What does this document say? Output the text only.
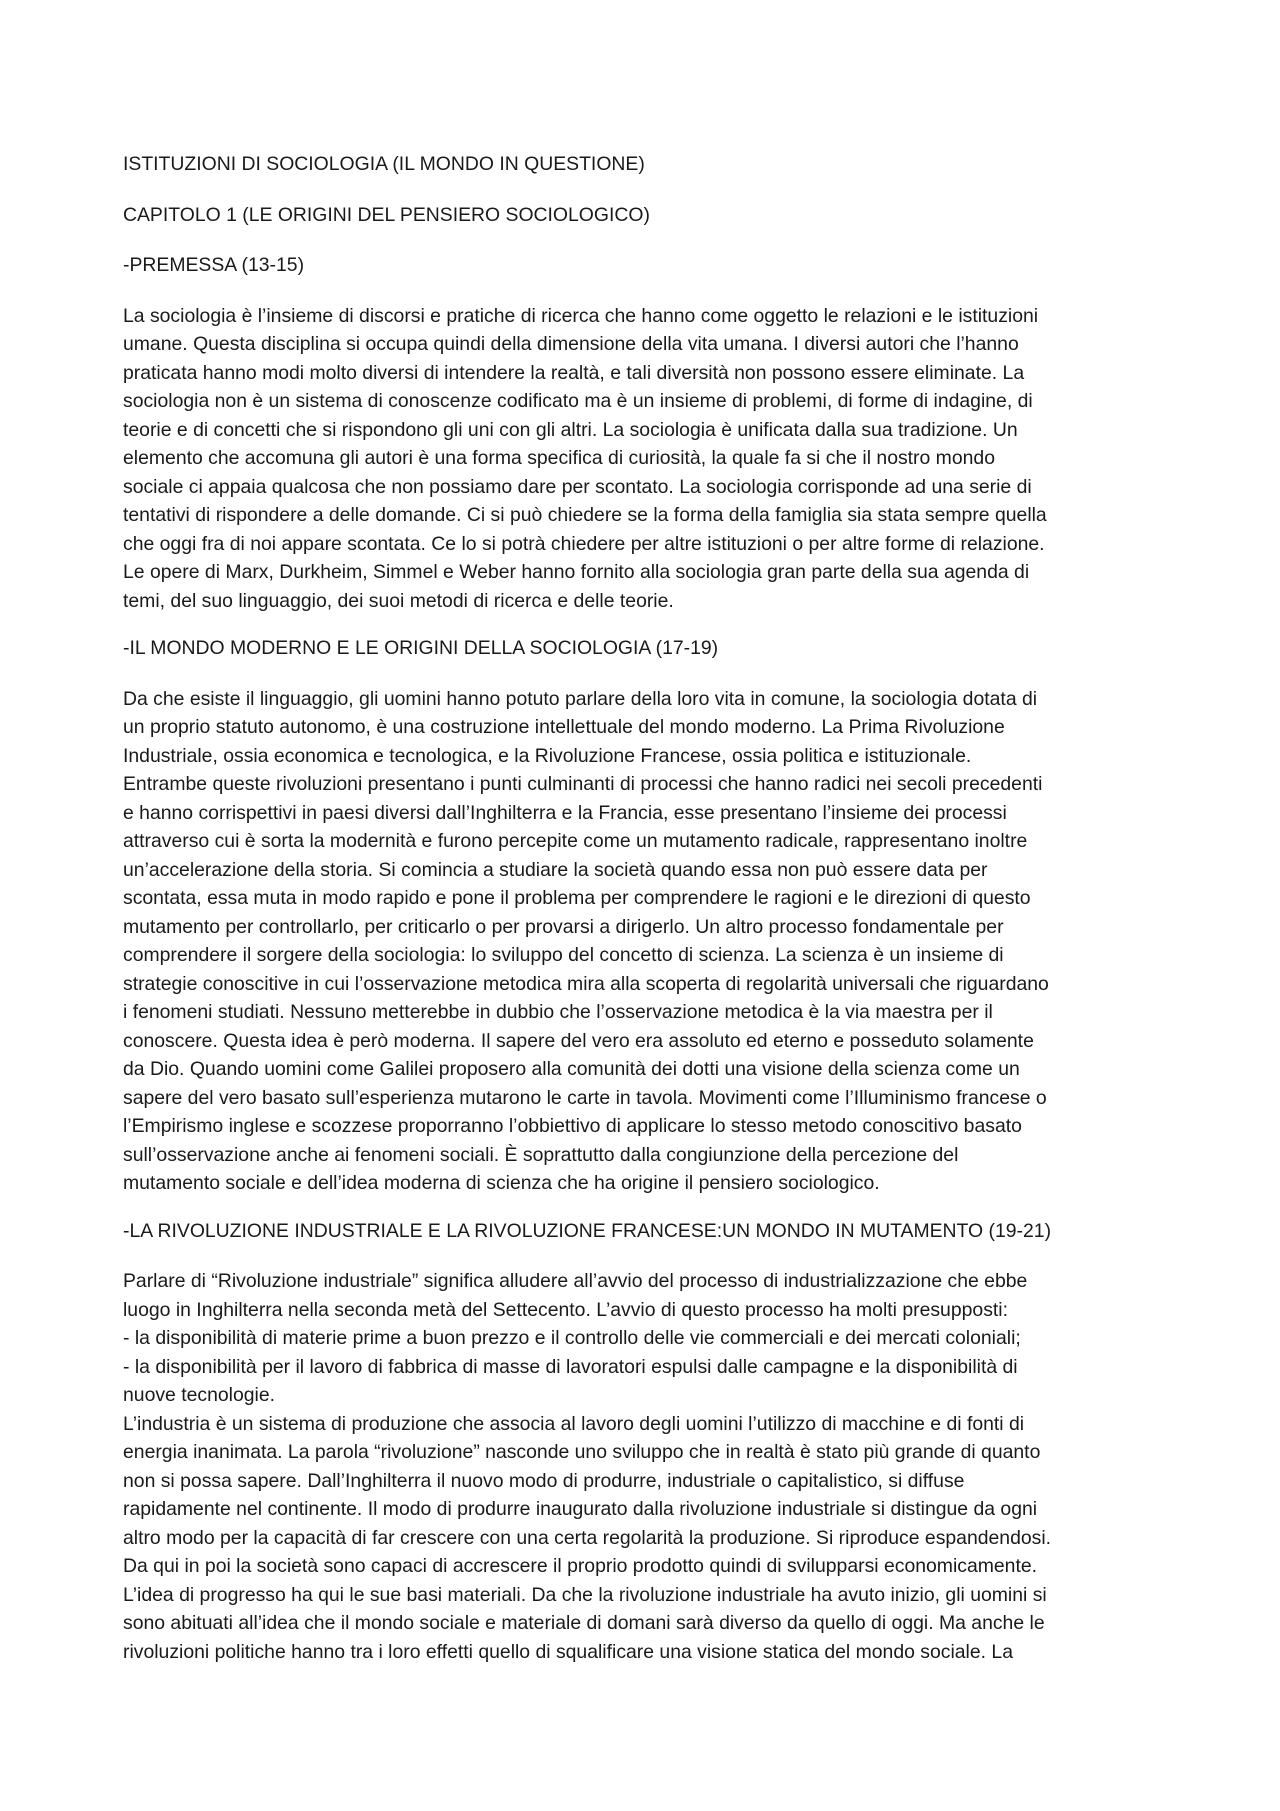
ISTITUZIONI DI SOCIOLOGIA (IL MONDO IN QUESTIONE)
CAPITOLO 1 (LE ORIGINI DEL PENSIERO SOCIOLOGICO)
-PREMESSA (13-15)
La sociologia è l’insieme di discorsi e pratiche di ricerca che hanno come oggetto le relazioni e le istituzioni
umane. Questa disciplina si occupa quindi della dimensione della vita umana. I diversi autori che l’hanno
praticata hanno modi molto diversi di intendere la realtà, e tali diversità non possono essere eliminate. La
sociologia non è un sistema di conoscenze codificato ma è un insieme di problemi, di forme di indagine, di
teorie e di concetti che si rispondono gli uni con gli altri. La sociologia è unificata dalla sua tradizione. Un
elemento che accomuna gli autori è una forma specifica di curiosità, la quale fa si che il nostro mondo
sociale ci appaia qualcosa che non possiamo dare per scontato. La sociologia corrisponde ad una serie di
tentativi di rispondere a delle domande. Ci si può chiedere se la forma della famiglia sia stata sempre quella
che oggi fra di noi appare scontata. Ce lo si potrà chiedere per altre istituzioni o per altre forme di relazione.
Le opere di Marx, Durkheim, Simmel e Weber hanno fornito alla sociologia gran parte della sua agenda di
temi, del suo linguaggio, dei suoi metodi di ricerca e delle teorie.
-IL MONDO MODERNO E LE ORIGINI DELLA SOCIOLOGIA (17-19)
Da che esiste il linguaggio, gli uomini hanno potuto parlare della loro vita in comune, la sociologia dotata di
un proprio statuto autonomo, è una costruzione intellettuale del mondo moderno. La Prima Rivoluzione
Industriale, ossia economica e tecnologica, e la Rivoluzione Francese, ossia politica e istituzionale.
Entrambe queste rivoluzioni presentano i punti culminanti di processi che hanno radici nei secoli precedenti
e hanno corrispettivi in paesi diversi dall’Inghilterra e la Francia, esse presentano l’insieme dei processi
attraverso cui è sorta la modernità e furono percepite come un mutamento radicale, rappresentano inoltre
un’accelerazione della storia. Si comincia a studiare la società quando essa non può essere data per
scontata, essa muta in modo rapido e pone il problema per comprendere le ragioni e le direzioni di questo
mutamento per controllarlo, per criticarlo o per provarsi a dirigerlo. Un altro processo fondamentale per
comprendere il sorgere della sociologia: lo sviluppo del concetto di scienza. La scienza è un insieme di
strategie conoscitive in cui l’osservazione metodica mira alla scoperta di regolarità universali che riguardano
i fenomeni studiati. Nessuno metterebbe in dubbio che l’osservazione metodica è la via maestra per il
conoscere. Questa idea è però moderna. Il sapere del vero era assoluto ed eterno e posseduto solamente
da Dio. Quando uomini come Galilei proposero alla comunità dei dotti una visione della scienza come un
sapere del vero basato sull’esperienza mutarono le carte in tavola. Movimenti come l’Illuminismo francese o
l’Empirismo inglese e scozzese proporranno l’obbiettivo di applicare lo stesso metodo conoscitivo basato
sull’osservazione anche ai fenomeni sociali. È soprattutto dalla congiunzione della percezione del
mutamento sociale e dell’idea moderna di scienza che ha origine il pensiero sociologico.
-LA RIVOLUZIONE INDUSTRIALE E LA RIVOLUZIONE FRANCESE:UN MONDO IN MUTAMENTO (19-21)
Parlare di “Rivoluzione industriale” significa alludere all’avvio del processo di industrializzazione che ebbe
luogo in Inghilterra nella seconda metà del Settecento. L’avvio di questo processo ha molti presupposti:
- la disponibilità di materie prime a buon prezzo e il controllo delle vie commerciali e dei mercati coloniali;
- la disponibilità per il lavoro di fabbrica di masse di lavoratori espulsi dalle campagne e la disponibilità di
nuove tecnologie.
L’industria è un sistema di produzione che associa al lavoro degli uomini l’utilizzo di macchine e di fonti di
energia inanimata. La parola “rivoluzione” nasconde uno sviluppo che in realtà è stato più grande di quanto
non si possa sapere. Dall’Inghilterra il nuovo modo di produrre, industriale o capitalistico, si diffuse
rapidamente nel continente. Il modo di produrre inaugurato dalla rivoluzione industriale si distingue da ogni
altro modo per la capacità di far crescere con una certa regolarità la produzione. Si riproduce espandendosi.
Da qui in poi la società sono capaci di accrescere il proprio prodotto quindi di svilupparsi economicamente.
L’idea di progresso ha qui le sue basi materiali. Da che la rivoluzione industriale ha avuto inizio, gli uomini si
sono abituati all’idea che il mondo sociale e materiale di domani sarà diverso da quello di oggi. Ma anche le
rivoluzioni politiche hanno tra i loro effetti quello di squalificare una visione statica del mondo sociale. La
